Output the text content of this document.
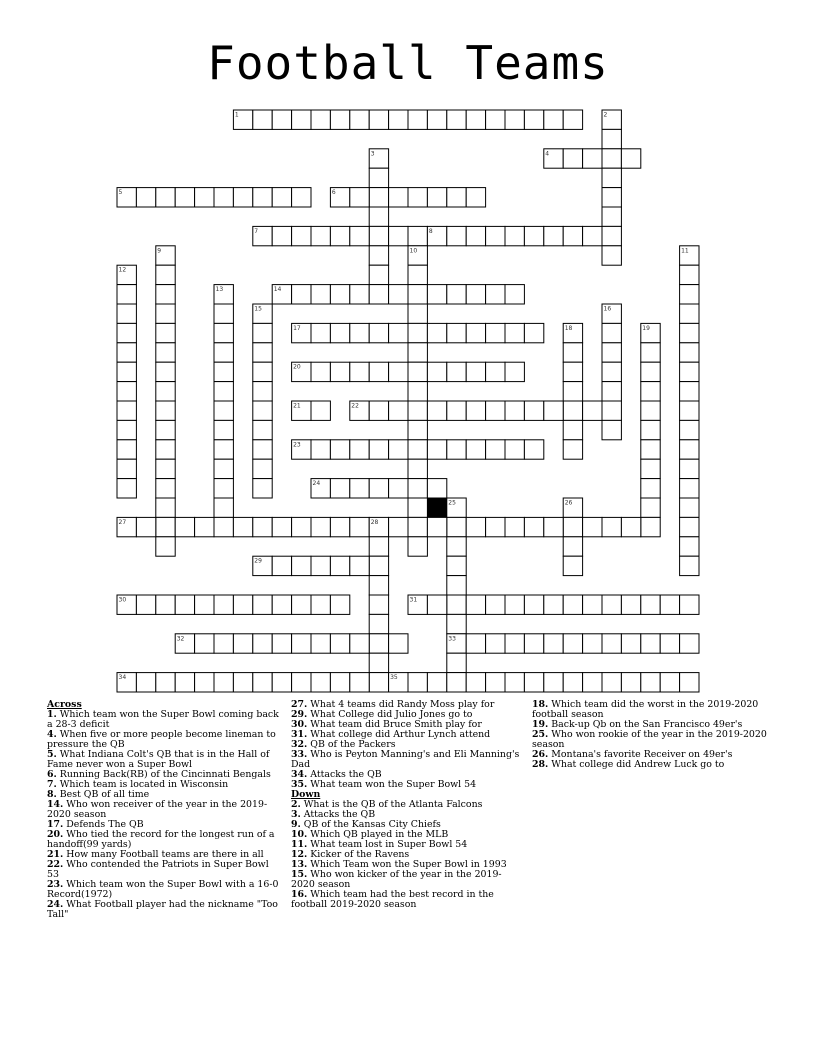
Football Teams
1	2
3	4
5	6
7	8
9	10	11
12
13	14
15	16
17	18	19
20
21	22
23
24
25
33
26
27	28
29
30	31
32
34	35
Across
1. Which team won the Super Bowl coming back a 28-3 deficit
4. When five or more people become lineman to pressure the QB
5. What Indiana Colt's QB that is in the Hall of Fame never won a Super Bowl
6. Running Back(RB) of the Cincinnati Bengals
7. Which team is located in Wisconsin
8. Best QB of all time
14. Who won receiver of the year in the 2019-2020 season
17. Defends The QB
20. Who tied the record for the longest run of a handoff(99 yards)
21. How many Football teams are there in all
22. Who contended the Patriots in Super Bowl 53
23. Which team won the Super Bowl with a 16-0 Record(1972)
24. What Football player had the nickname "Too Tall"
27. What 4 teams did Randy Moss play for
29. What College did Julio Jones go to
30. What team did Bruce Smith play for
31. What college did Arthur Lynch attend
32. QB of the Packers
33. Who is Peyton Manning's and Eli Manning's Dad
34. Attacks the QB
35. What team won the Super Bowl 54
Down
2. What is the QB of the Atlanta Falcons
3. Attacks the QB
9. QB of the Kansas City Chiefs
10. Which QB played in the MLB
11. What team lost in Super Bowl 54
12. Kicker of the Ravens
13. Which Team won the Super Bowl in 1993
15. Who won kicker of the year in the 2019-2020 season
16. Which team had the best record in the football 2019-2020 season
18. Which team did the worst in the 2019-2020 football season
19. Back-up Qb on the San Francisco 49er's
25. Who won rookie of the year in the 2019-2020 season
26. Montana's favorite Receiver on 49er's
28. What college did Andrew Luck go to
